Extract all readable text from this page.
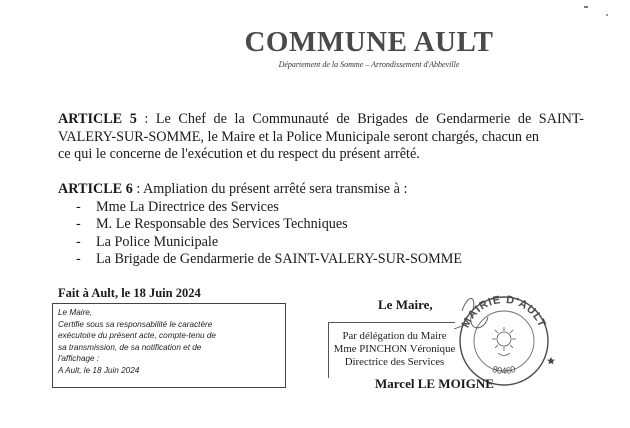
COMMUNE AULT
Département de la Somme – Arrondissement d'Abbeville
ARTICLE 5 : Le Chef de la Communauté de Brigades de Gendarmerie de SAINT-
VALERY-SUR-SOMME, le Maire et la Police Municipale seront chargés, chacun en
ce qui le concerne de l'exécution et du respect du présent arrêté.
ARTICLE 6 : Ampliation du présent arrêté sera transmise à :
- Mme La Directrice des Services
- M. Le Responsable des Services Techniques
- La Police Municipale
- La Brigade de Gendarmerie de SAINT-VALERY-SUR-SOMME
Fait à Ault, le 18 Juin 2024
Le Maire,
Certifie sous sa responsabilité le caractère
exécutoire du présent acte, compte-tenu de
sa transmission, de sa notification et de
l'affichage :
A Ault, le 18 Juin 2024
Le Maire,
Par délégation du Maire
Mme PINCHON Véronique
Directrice des Services
MAIRIE D'AULT
80460
Marcel LE MOIGNE
